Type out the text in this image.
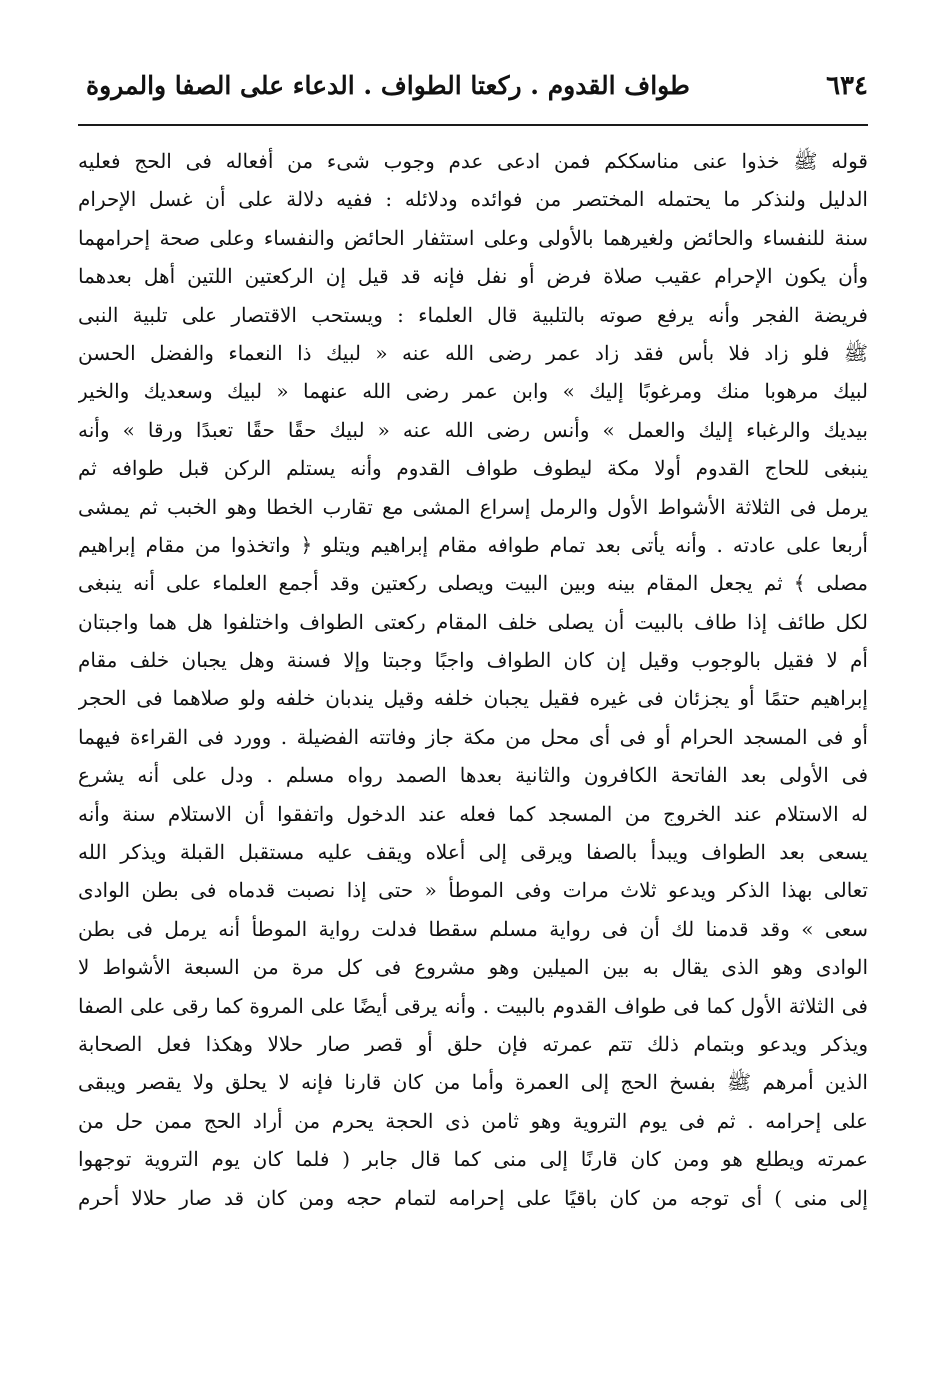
٦٣٤
طواف القدوم . ركعتا الطواف . الدعاء على الصفا والمروة
قوله ﷺ خذوا عنى مناسككم فمن ادعى عدم وجوب شىء من أفعاله فى الحج فعليه
الدليل ولنذكر ما يحتمله المختصر من فوائده ودلائله : ففيه دلالة على أن غسل الإحرام
سنة للنفساء والحائض ولغيرهما بالأولى وعلى استثفار الحائض والنفساء وعلى صحة إحرامهما
وأن يكون الإحرام عقيب صلاة فرض أو نفل فإنه قد قيل إن الركعتين اللتين أهل بعدهما
فريضة الفجر وأنه يرفع صوته بالتلبية قال العلماء : ويستحب الاقتصار على تلبية النبى
ﷺ فلو زاد فلا بأس فقد زاد عمر رضى الله عنه « لبيك ذا النعماء والفضل الحسن
لبيك مرهوبا منك ومرغوبًا إليك » وابن عمر رضى الله عنهما « لبيك وسعديك والخير
بيديك والرغباء إليك والعمل » وأنس رضى الله عنه « لبيك حقًا حقًا تعبدًا ورقا » وأنه
ينبغى للحاج القدوم أولا مكة ليطوف طواف القدوم وأنه يستلم الركن قبل طوافه ثم
يرمل فى الثلاثة الأشواط الأول والرمل إسراع المشى مع تقارب الخطا وهو الخبب ثم يمشى
أربعا على عادته . وأنه يأتى بعد تمام طوافه مقام إبراهيم ويتلو ﴿ واتخذوا من مقام إبراهيم
مصلى ﴾ ثم يجعل المقام بينه وبين البيت ويصلى ركعتين وقد أجمع العلماء على أنه ينبغى
لكل طائف إذا طاف بالبيت أن يصلى خلف المقام ركعتى الطواف واختلفوا هل هما واجبتان
أم لا فقيل بالوجوب وقيل إن كان الطواف واجبًا وجبتا وإلا فسنة وهل يجبان خلف مقام
إبراهيم حتمًا أو يجزئان فى غيره فقيل يجبان خلفه وقيل يندبان خلفه ولو صلاهما فى الحجر
أو فى المسجد الحرام أو فى أى محل من مكة جاز وفاتته الفضيلة . وورد فى القراءة فيهما
فى الأولى بعد الفاتحة الكافرون والثانية بعدها الصمد رواه مسلم . ودل على أنه يشرع
له الاستلام عند الخروج من المسجد كما فعله عند الدخول واتفقوا أن الاستلام سنة وأنه
يسعى بعد الطواف ويبدأ بالصفا ويرقى إلى أعلاه ويقف عليه مستقبل القبلة ويذكر الله
تعالى بهذا الذكر ويدعو ثلاث مرات وفى الموطأ « حتى إذا نصبت قدماه فى بطن الوادى
سعى » وقد قدمنا لك أن فى رواية مسلم سقطا فدلت رواية الموطأ أنه يرمل فى بطن
الوادى وهو الذى يقال به بين الميلين وهو مشروع فى كل مرة من السبعة الأشواط لا
فى الثلاثة الأول كما فى طواف القدوم بالبيت . وأنه يرقى أيضًا على المروة كما رقى على الصفا
ويذكر ويدعو وبتمام ذلك تتم عمرته فإن حلق أو قصر صار حلالا وهكذا فعل الصحابة
الذين أمرهم ﷺ بفسخ الحج إلى العمرة وأما من كان قارنا فإنه لا يحلق ولا يقصر ويبقى
على إحرامه . ثم فى يوم التروية وهو ثامن ذى الحجة يحرم من أراد الحج ممن حل من
عمرته ويطلع هو ومن كان قارنًا إلى منى كما قال جابر ( فلما كان يوم التروية توجهوا
إلى منى ) أى توجه من كان باقيًا على إحرامه لتمام حجه ومن كان قد صار حلالا أحرم
